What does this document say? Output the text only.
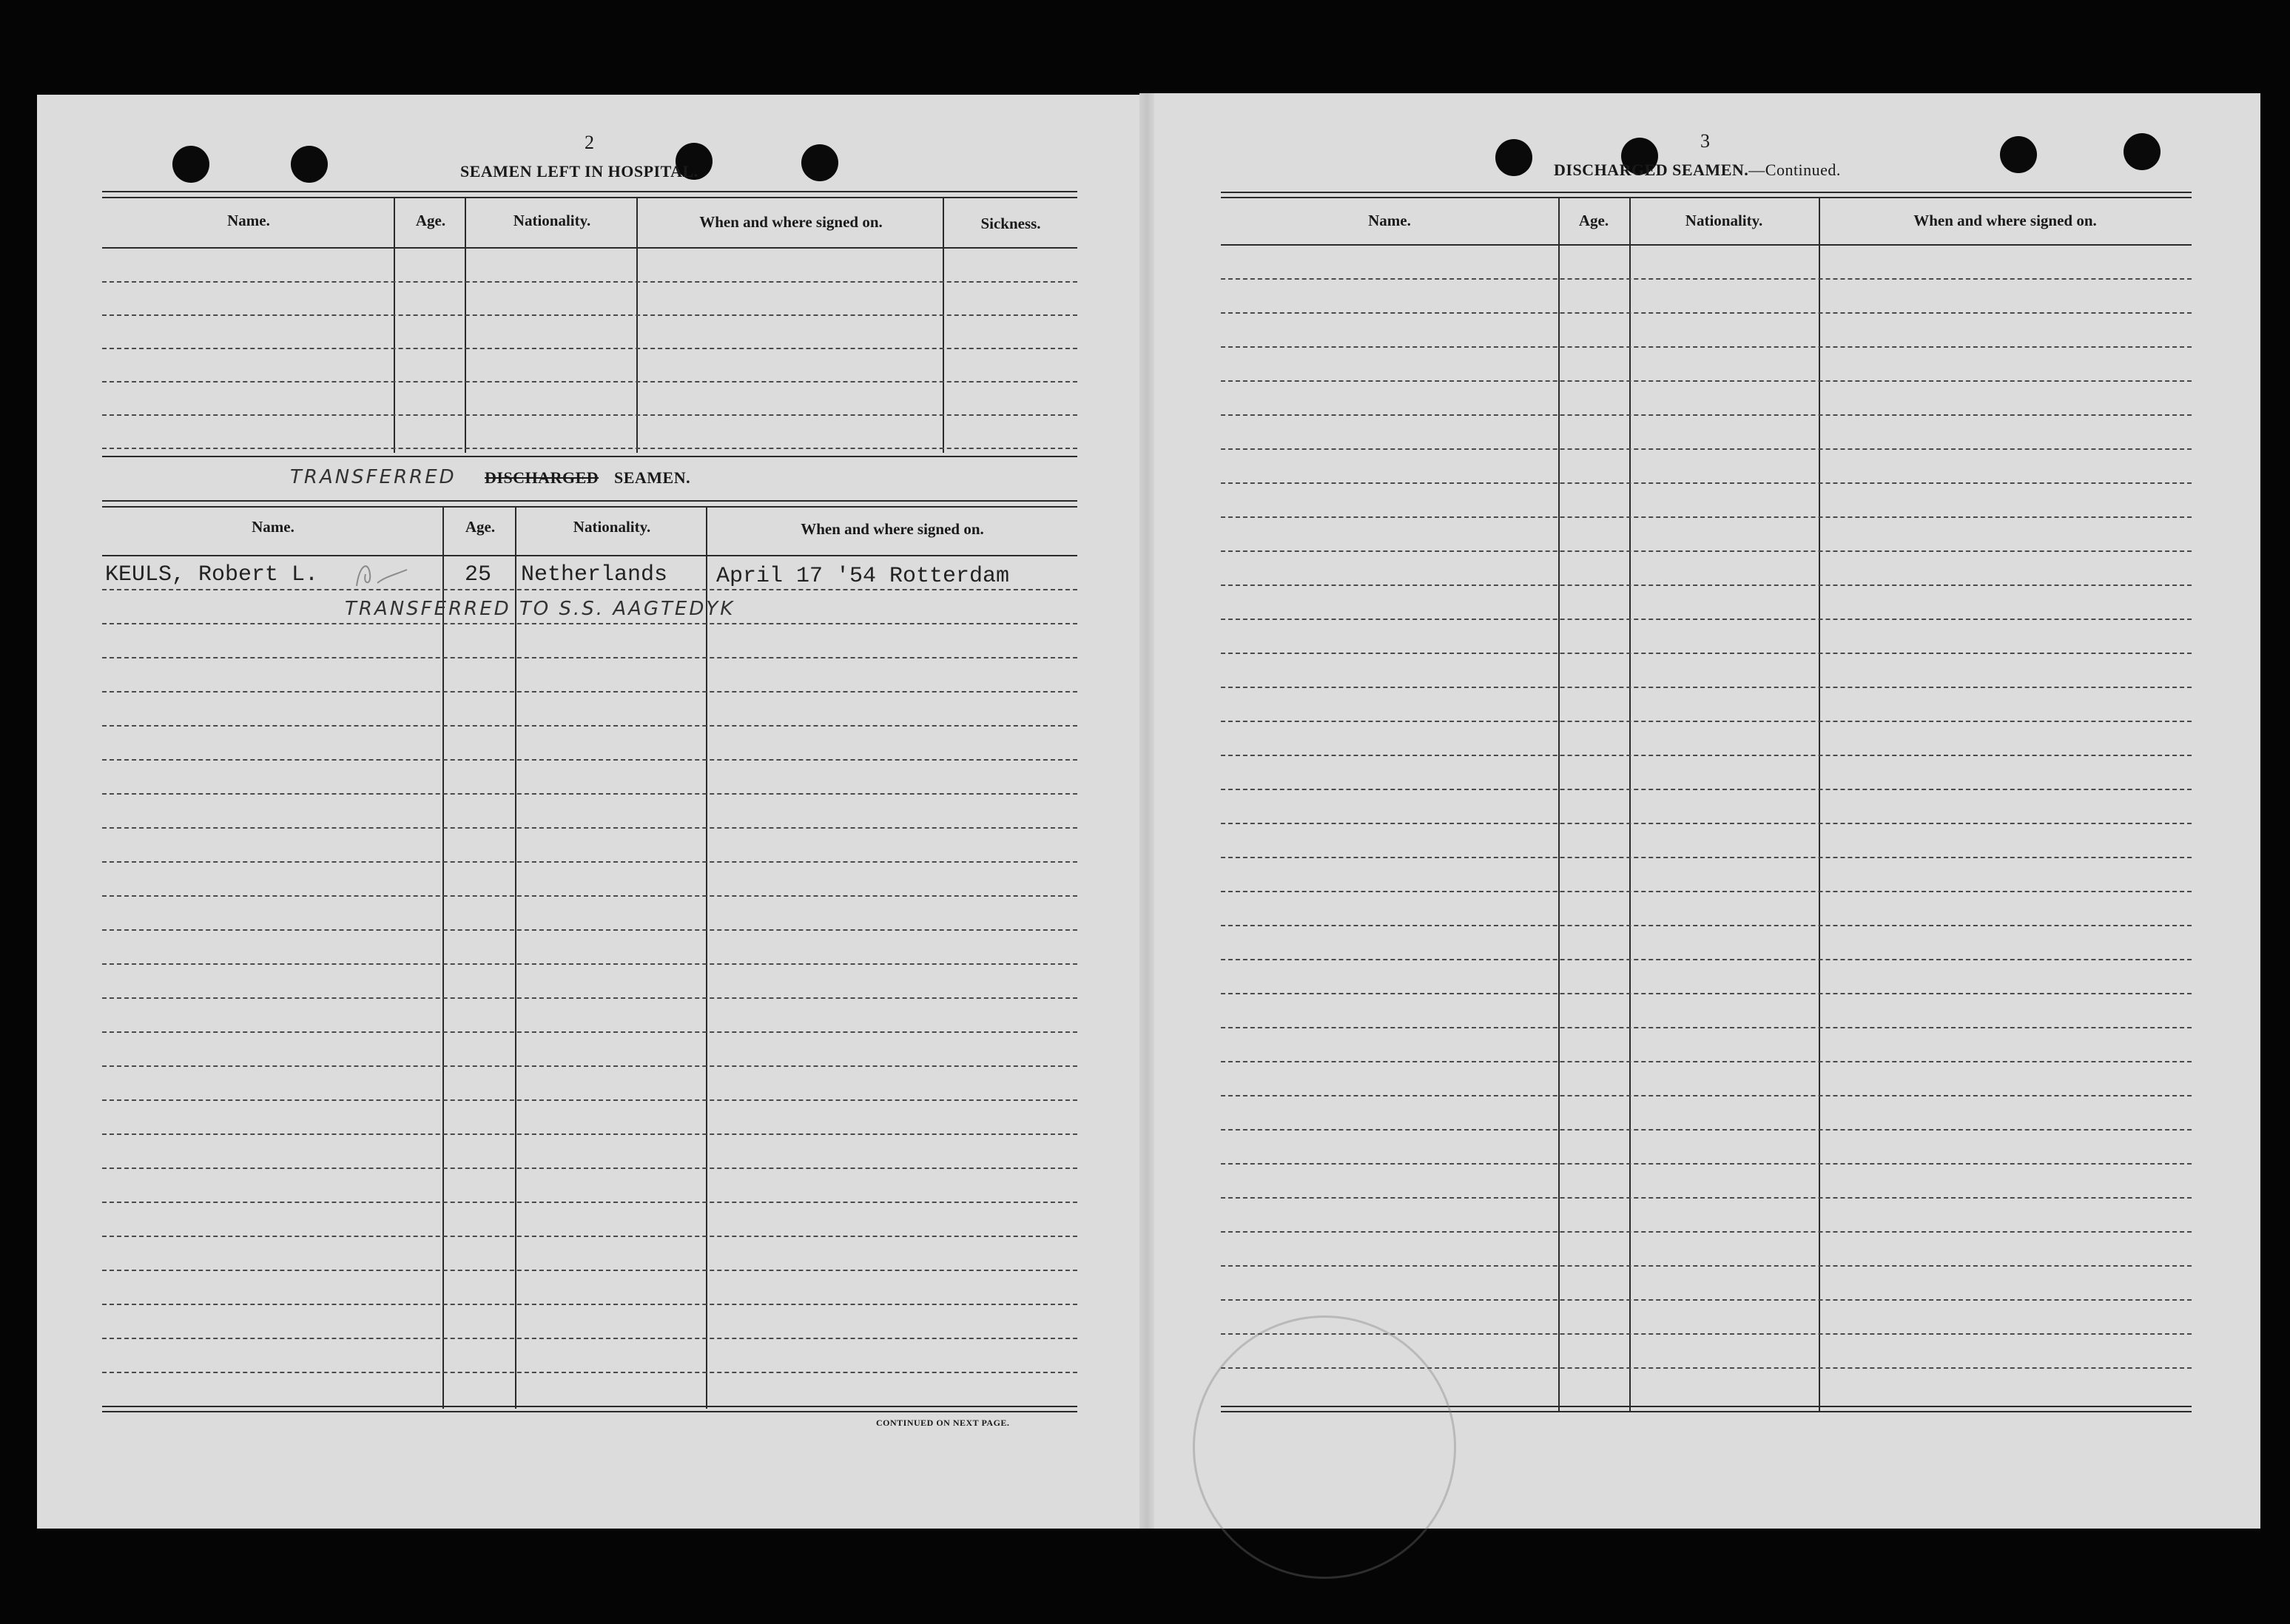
2
SEAMEN LEFT IN HOSPITAL.
Name.	Age.	Nationality.	When and where signed on.	Sickness.
TRANSFERRED DISCHARGED SEAMEN.
Name.	Age.	Nationality.	When and where signed on.
KEULS, Robert L.	25 Netherlands April 17 '54 Rotterdam
TRANSFERRED TO S.S. AAGTEDYK
CONTINUED ON NEXT PAGE.
3
DISCHARGED SEAMEN.—Continued.
Name.	Age.	Nationality.	When and where signed on.
